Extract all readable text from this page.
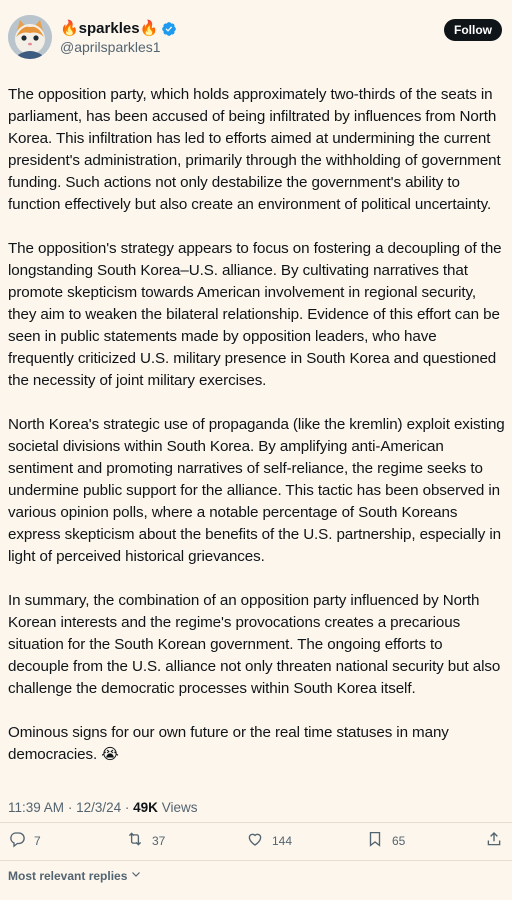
🔥sparkles🔥
@aprilsparkles1
Follow

The opposition party, which holds approximately two-thirds of the seats in parliament, has been accused of being infiltrated by influences from North Korea. This infiltration has led to efforts aimed at undermining the current president's administration, primarily through the withholding of government funding. Such actions not only destabilize the government's ability to function effectively but also create an environment of political uncertainty.

The opposition's strategy appears to focus on fostering a decoupling of the longstanding South Korea–U.S. alliance. By cultivating narratives that promote skepticism towards American involvement in regional security, they aim to weaken the bilateral relationship. Evidence of this effort can be seen in public statements made by opposition leaders, who have frequently criticized U.S. military presence in South Korea and questioned the necessity of joint military exercises.

North Korea's strategic use of propaganda (like the kremlin) exploit existing societal divisions within South Korea. By amplifying anti-American sentiment and promoting narratives of self-reliance, the regime seeks to undermine public support for the alliance. This tactic has been observed in various opinion polls, where a notable percentage of South Koreans express skepticism about the benefits of the U.S. partnership, especially in light of perceived historical grievances.

In summary, the combination of an opposition party influenced by North Korean interests and the regime's provocations creates a precarious situation for the South Korean government. The ongoing efforts to decouple from the U.S. alliance not only threaten national security but also challenge the democratic processes within South Korea itself.

Ominous signs for our own future or the real time statuses in many democracies. 😭

11:39 AM · 12/3/24 · 49K Views
7	37	144	65
Most relevant replies
